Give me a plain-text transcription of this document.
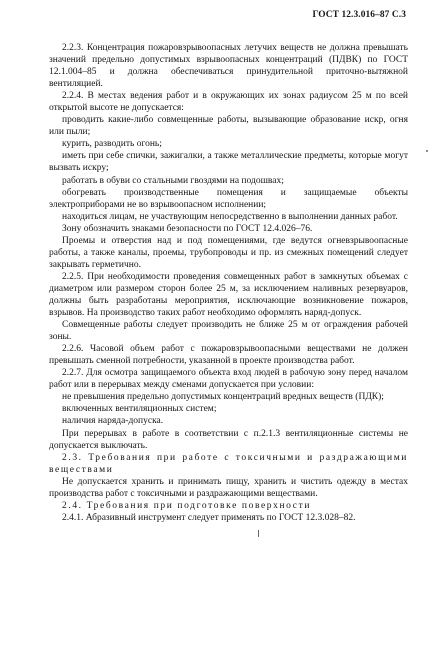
ГОСТ 12.3.016–87 С.3

2.2.3. Концентрация пожаровзрывоопасных летучих веществ не должна превышать значений предельно допустимых взрывоопасных концентраций (ПДВК) по ГОСТ 12.1.004–85 и должна обеспечиваться принудительной приточно-вытяжной вентиляцией.

2.2.4. В местах ведения работ и в окружающих их зонах радиусом 25 м по всей открытой высоте не допускается:

проводить какие-либо совмещенные работы, вызывающие образование искр, огня или пыли;

курить, разводить огонь;

иметь при себе спички, зажигалки, а также металлические предметы, которые могут вызвать искру;

работать в обуви со стальными гвоздями на подошвах;

обогревать производственные помещения и защищаемые объекты электроприборами не во взрывоопасном исполнении;

находиться лицам, не участвующим непосредственно в выполнении данных работ.

Зону обозначить знаками безопасности по ГОСТ 12.4.026–76.

Проемы и отверстия над и под помещениями, где ведутся огневзрывоопасные работы, а также каналы, проемы, трубопроводы и пр. из смежных помещений следует закрывать герметично.

2.2.5. При необходимости проведения совмещенных работ в замкнутых объемах с диаметром или размером сторон более 25 м, за исключением наливных резервуаров, должны быть разработаны мероприятия, исключающие возникновение пожаров, взрывов. На производство таких работ необходимо оформлять наряд-допуск.

Совмещенные работы следует производить не ближе 25 м от ограждения рабочей зоны.

2.2.6. Часовой объем работ с пожаровзрывоопасными веществами не должен превышать сменной потребности, указанной в проекте производства работ.

2.2.7. Для осмотра защищаемого объекта вход людей в рабочую зону перед началом работ или в перерывах между сменами допускается при условии:

не превышения предельно допустимых концентраций вредных веществ (ПДК);

включенных вентиляционных систем;

наличия наряда-допуска.

При перерывах в работе в соответствии с п.2.1.3 вентиляционные системы не допускается выключать.

2.3. Требования при работе с токсичными и раздражающими веществами

Не допускается хранить и принимать пищу, хранить и чистить одежду в местах производства работ с токсичными и раздражающими веществами.

2.4. Требования при подготовке поверхности

2.4.1. Абразивный инструмент следует применять по ГОСТ 12.3.028–82.
